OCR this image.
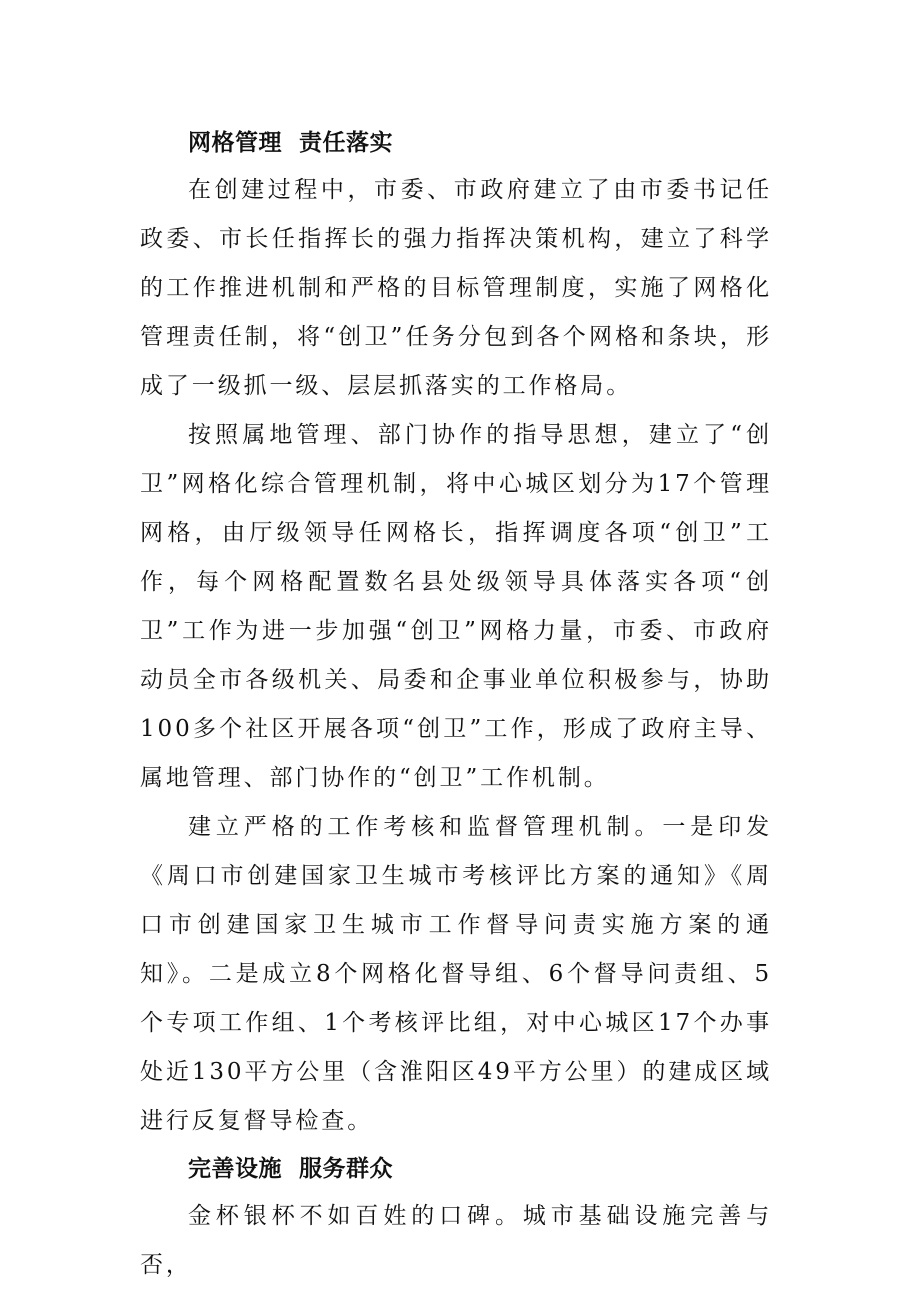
网格管理  责任落实

在创建过程中，市委、市政府建立了由市委书记任政委、市长任指挥长的强力指挥决策机构，建立了科学的工作推进机制和严格的目标管理制度，实施了网格化管理责任制，将“创卫”任务分包到各个网格和条块，形成了一级抓一级、层层抓落实的工作格局。

按照属地管理、部门协作的指导思想，建立了“创卫”网格化综合管理机制，将中心城区划分为17个管理网格，由厅级领导任网格长，指挥调度各项“创卫”工作，每个网格配置数名县处级领导具体落实各项“创卫”工作为进一步加强“创卫”网格力量，市委、市政府动员全市各级机关、局委和企事业单位积极参与，协助100多个社区开展各项“创卫”工作，形成了政府主导、属地管理、部门协作的“创卫”工作机制。

建立严格的工作考核和监督管理机制。一是印发《周口市创建国家卫生城市考核评比方案的通知》《周口市创建国家卫生城市工作督导问责实施方案的通知》。二是成立8个网格化督导组、6个督导问责组、5个专项工作组、1个考核评比组，对中心城区17个办事处近130平方公里（含淮阳区49平方公里）的建成区域进行反复督导检查。

完善设施  服务群众

金杯银杯不如百姓的口碑。城市基础设施完善与否，
